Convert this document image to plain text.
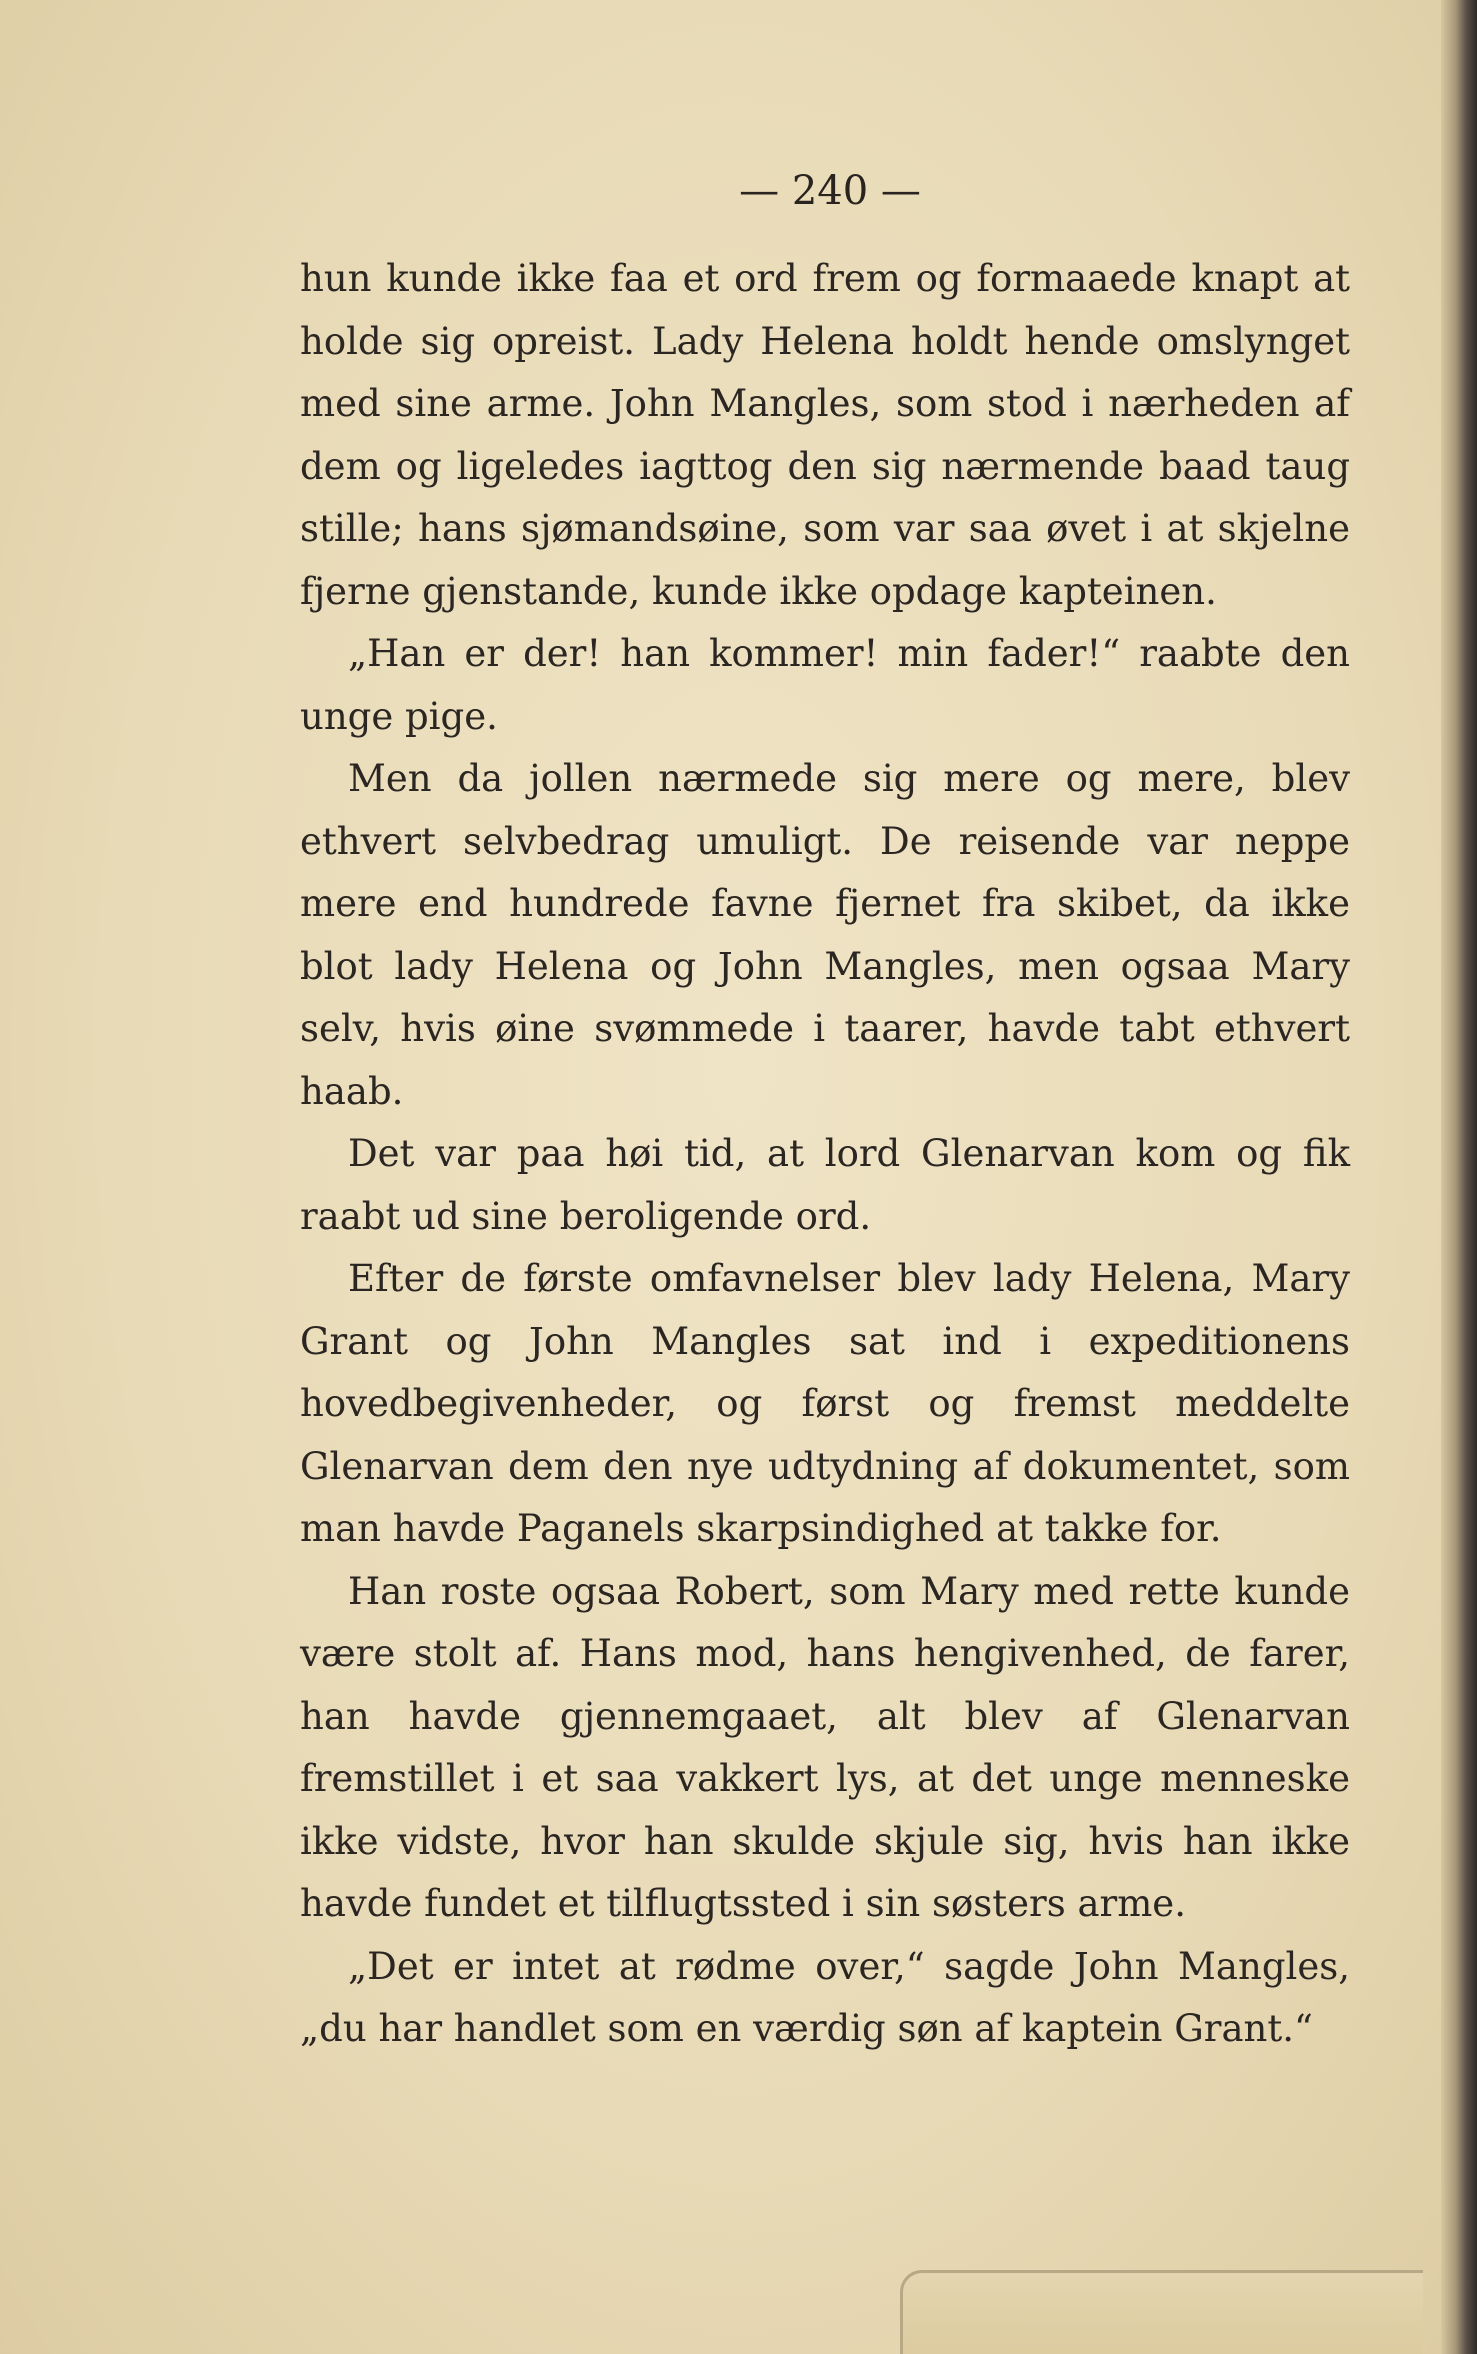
— 240 —

hun kunde ikke faa et ord frem og formaaede knapt at holde sig opreist. Lady Helena holdt hende omslynget med sine arme. John Mangles, som stod i nærheden af dem og ligeledes iagttog den sig nærmende baad taug stille; hans sjømandsøine, som var saa øvet i at skjelne fjerne gjenstande, kunde ikke opdage kapteinen.

„Han er der! han kommer! min fader!“ raabte den unge pige.

Men da jollen nærmede sig mere og mere, blev ethvert selvbedrag umuligt. De reisende var neppe mere end hundrede favne fjernet fra skibet, da ikke blot lady Helena og John Mangles, men ogsaa Mary selv, hvis øine svømmede i taarer, havde tabt ethvert haab.

Det var paa høi tid, at lord Glenarvan kom og fik raabt ud sine beroligende ord.

Efter de første omfavnelser blev lady Helena, Mary Grant og John Mangles sat ind i expeditionens hovedbegivenheder, og først og fremst meddelte Glenarvan dem den nye udtydning af dokumentet, som man havde Paganels skarpsindighed at takke for.

Han roste ogsaa Robert, som Mary med rette kunde være stolt af. Hans mod, hans hengivenhed, de farer, han havde gjennemgaaet, alt blev af Glenarvan fremstillet i et saa vakkert lys, at det unge menneske ikke vidste, hvor han skulde skjule sig, hvis han ikke havde fundet et tilflugtssted i sin søsters arme.

„Det er intet at rødme over,“ sagde John Mangles, „du har handlet som en værdig søn af kaptein Grant.“
